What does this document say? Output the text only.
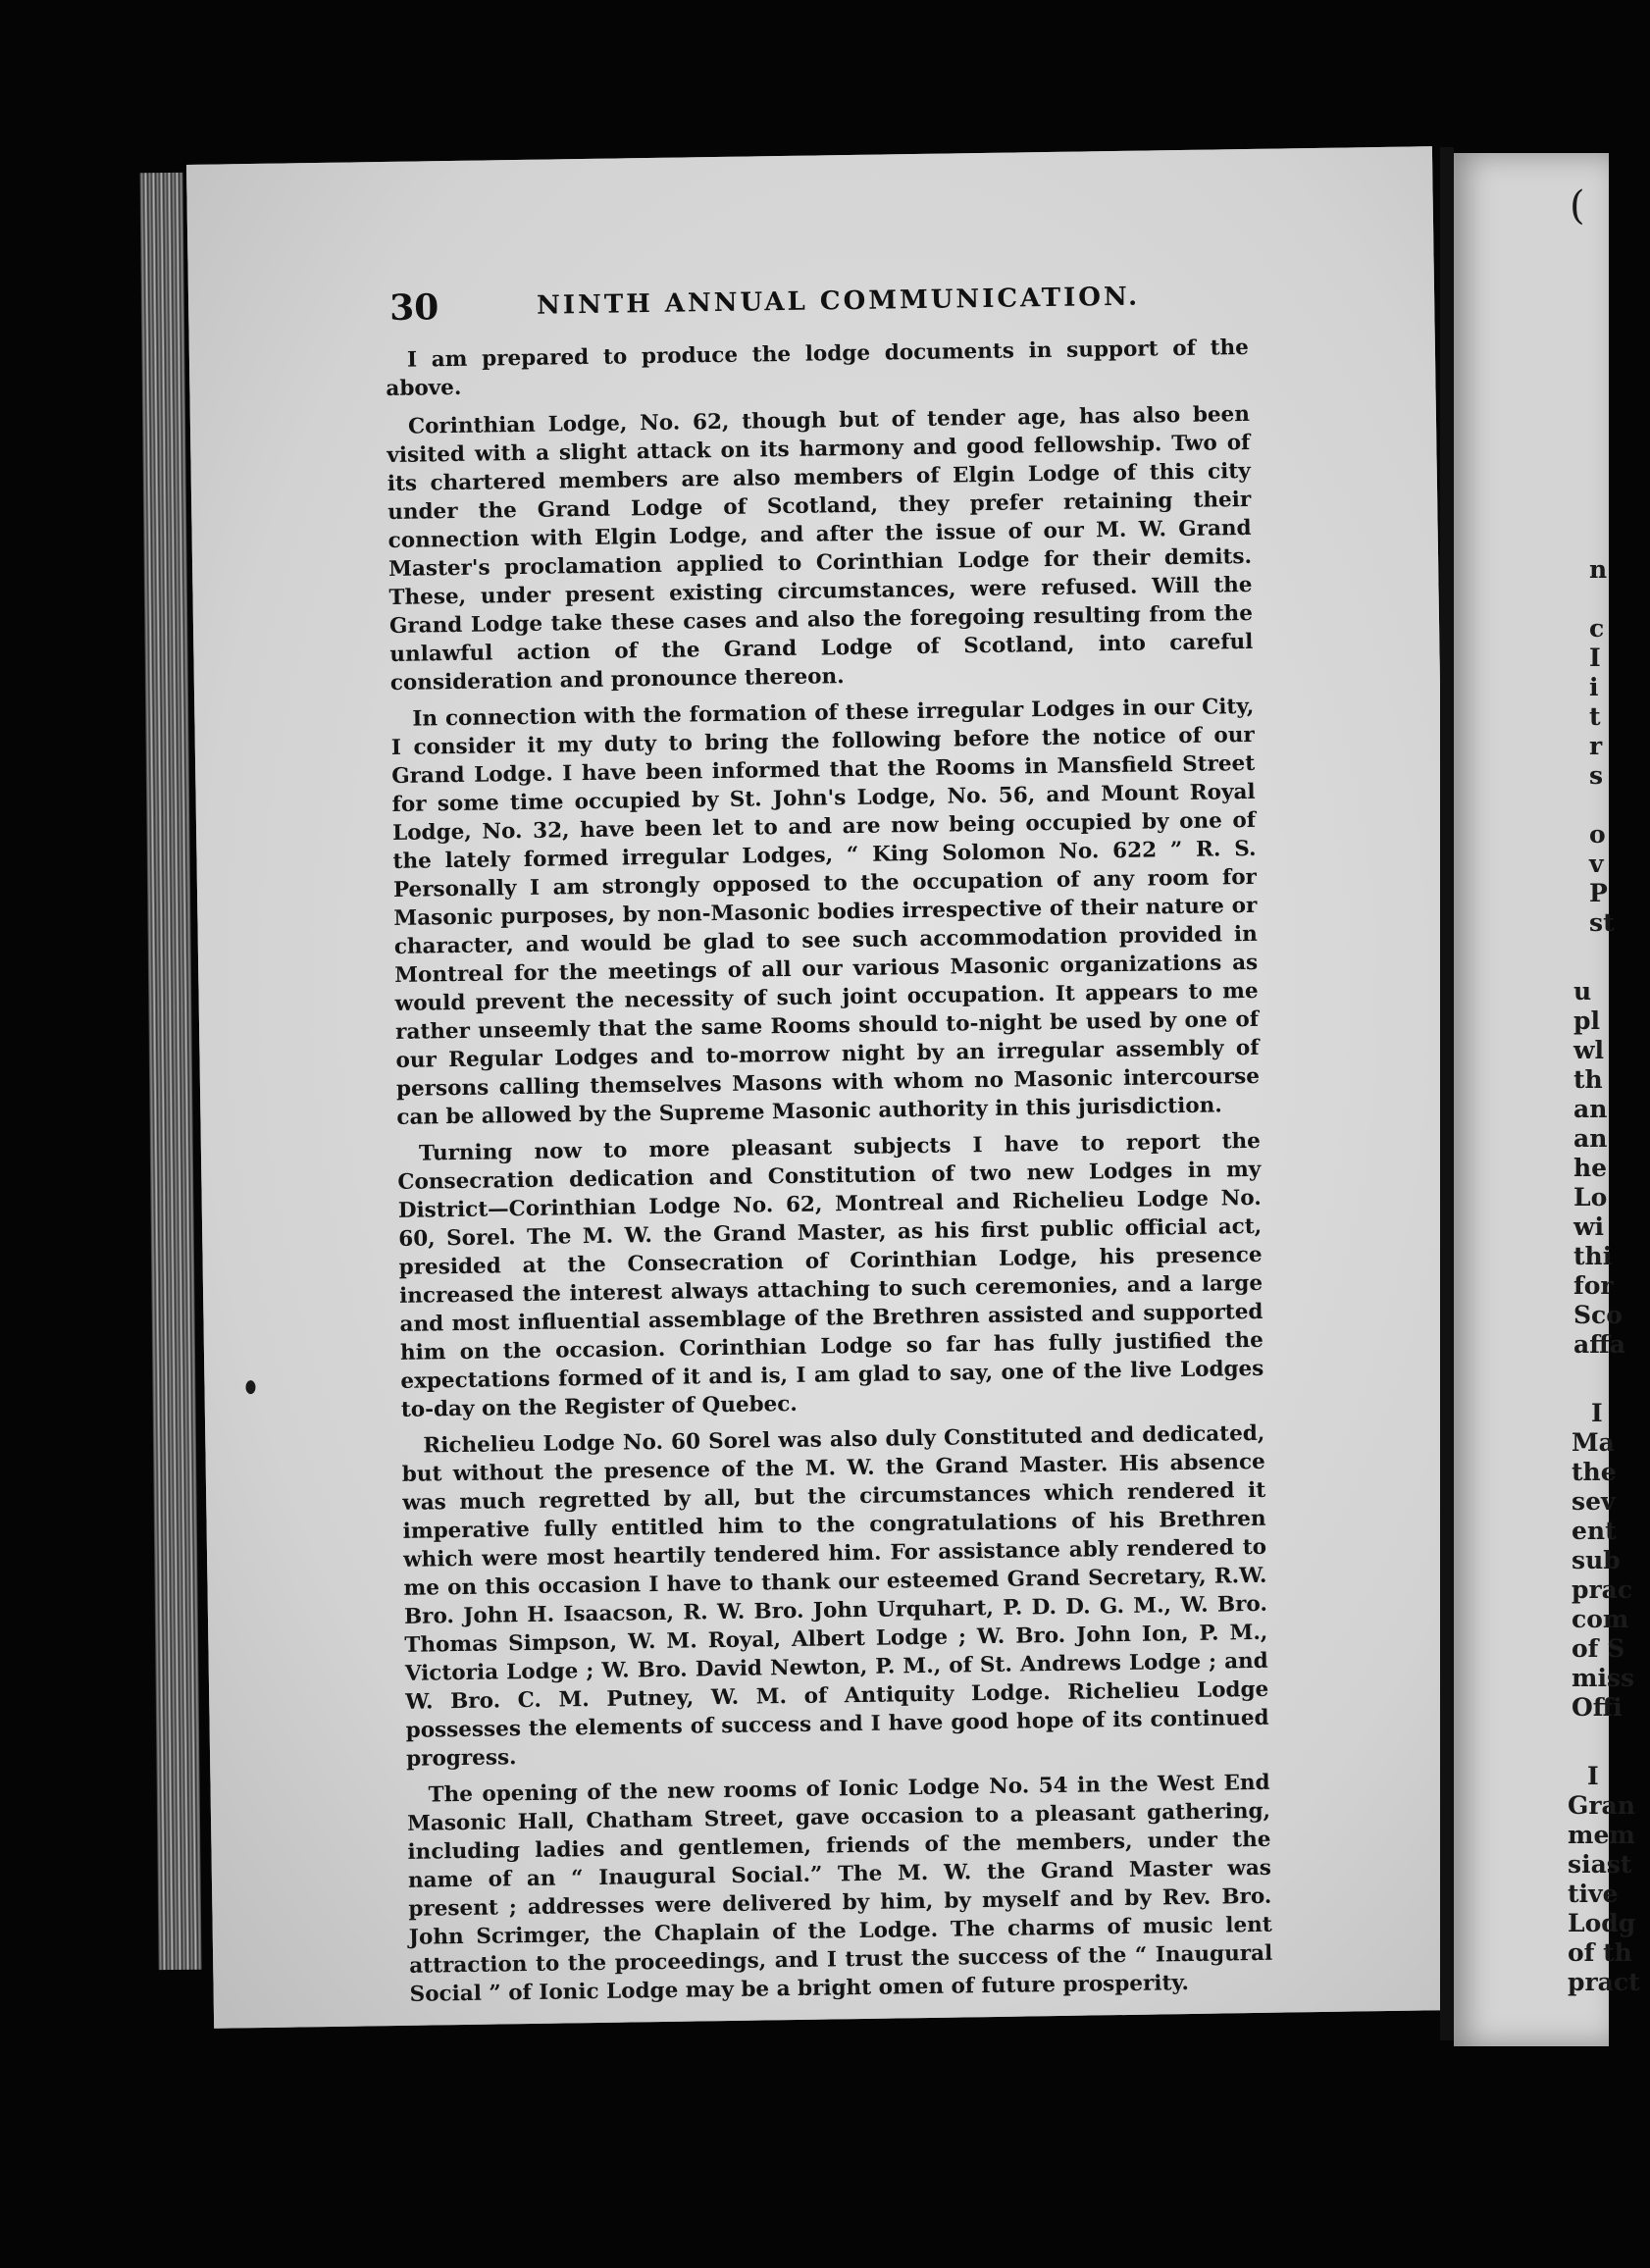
30	NINTH ANNUAL COMMUNICATION.

I am prepared to produce the lodge documents in support of the above.

Corinthian Lodge, No. 62, though but of tender age, has also been visited with a slight attack on its harmony and good fellowship. Two of its chartered members are also members of Elgin Lodge of this city under the Grand Lodge of Scotland, they prefer retaining their connection with Elgin Lodge, and after the issue of our M. W. Grand Master's proclamation applied to Corinthian Lodge for their demits. These, under present existing circumstances, were refused. Will the Grand Lodge take these cases and also the foregoing resulting from the unlawful action of the Grand Lodge of Scotland, into careful consideration and pronounce thereon.

In connection with the formation of these irregular Lodges in our City, I consider it my duty to bring the following before the notice of our Grand Lodge. I have been informed that the Rooms in Mansfield Street for some time occupied by St. John's Lodge, No. 56, and Mount Royal Lodge, No. 32, have been let to and are now being occupied by one of the lately formed irregular Lodges, “ King Solomon No. 622 ” R. S. Personally I am strongly opposed to the occupation of any room for Masonic purposes, by non-Masonic bodies irrespective of their nature or character, and would be glad to see such accommodation provided in Montreal for the meetings of all our various Masonic organizations as would prevent the necessity of such joint occupation. It appears to me rather unseemly that the same Rooms should to-night be used by one of our Regular Lodges and to-morrow night by an irregular assembly of persons calling themselves Masons with whom no Masonic intercourse can be allowed by the Supreme Masonic authority in this jurisdiction.

Turning now to more pleasant subjects I have to report the Consecration dedication and Constitution of two new Lodges in my District—Corinthian Lodge No. 62, Montreal and Richelieu Lodge No. 60, Sorel. The M. W. the Grand Master, as his first public official act, presided at the Consecration of Corinthian Lodge, his presence increased the interest always attaching to such ceremonies, and a large and most influential assemblage of the Brethren assisted and supported him on the occasion. Corinthian Lodge so far has fully justified the expectations formed of it and is, I am glad to say, one of the live Lodges to-day on the Register of Quebec.

Richelieu Lodge No. 60 Sorel was also duly Constituted and dedicated, but without the presence of the M. W. the Grand Master. His absence was much regretted by all, but the circumstances which rendered it imperative fully entitled him to the congratulations of his Brethren which were most heartily tendered him. For assistance ably rendered to me on this occasion I have to thank our esteemed Grand Secretary, R.W. Bro. John H. Isaacson, R. W. Bro. John Urquhart, P. D. D. G. M., W. Bro. Thomas Simpson, W. M. Royal, Albert Lodge ; W. Bro. John Ion, P. M., Victoria Lodge ; W. Bro. David Newton, P. M., of St. Andrews Lodge ; and W. Bro. C. M. Putney, W. M. of Antiquity Lodge. Richelieu Lodge possesses the elements of success and I have good hope of its continued progress.

The opening of the new rooms of Ionic Lodge No. 54 in the West End Masonic Hall, Chatham Street, gave occasion to a pleasant gathering, including ladies and gentlemen, friends of the members, under the name of an “ Inaugural Social.” The M. W. the Grand Master was present ; addresses were delivered by him, by myself and by Rev. Bro. John Scrimger, the Chaplain of the Lodge. The charms of music lent attraction to the proceedings, and I trust the success of the “ Inaugural Social ” of Ionic Lodge may be a bright omen of future prosperity.

(
n
c
I
i
t
r
s
o
v
P
st
u
pl
wl
th
an
an
he
Lo
wi
thi
for
Sco
affa
I
Ma
the
sev
ent
sub
prac
com
of S
miss
Offi
I
Gran
mem
siast
tive
Lodg
of th
pract
